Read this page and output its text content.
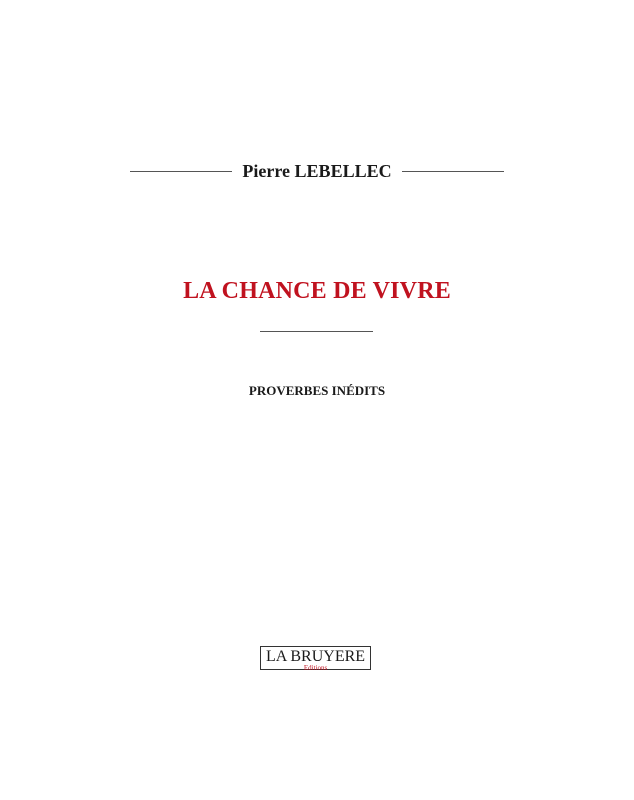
Pierre LEBELLEC
LA CHANCE DE VIVRE
PROVERBES INÉDITS
LA BRUYERE
Editions
